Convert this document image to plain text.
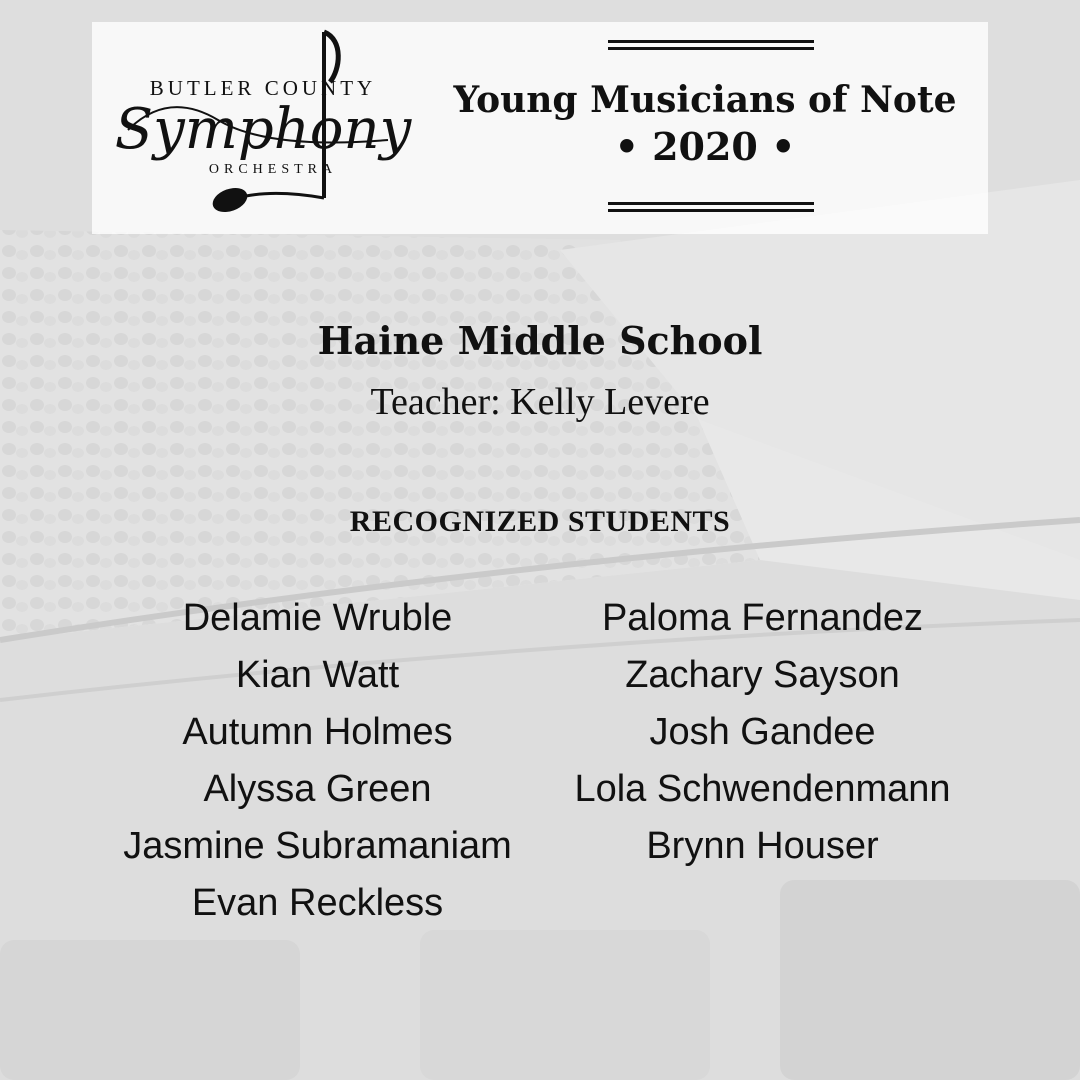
BUTLER COUNTY
Symphony
ORCHESTRA
Young Musicians of Note
• 2020 •
Haine Middle School
Teacher: Kelly Levere
RECOGNIZED STUDENTS
Delamie Wruble
Kian Watt
Autumn Holmes
Alyssa Green
Jasmine Subramaniam
Evan Reckless
Paloma Fernandez
Zachary Sayson
Josh Gandee
Lola Schwendenmann
Brynn Houser
